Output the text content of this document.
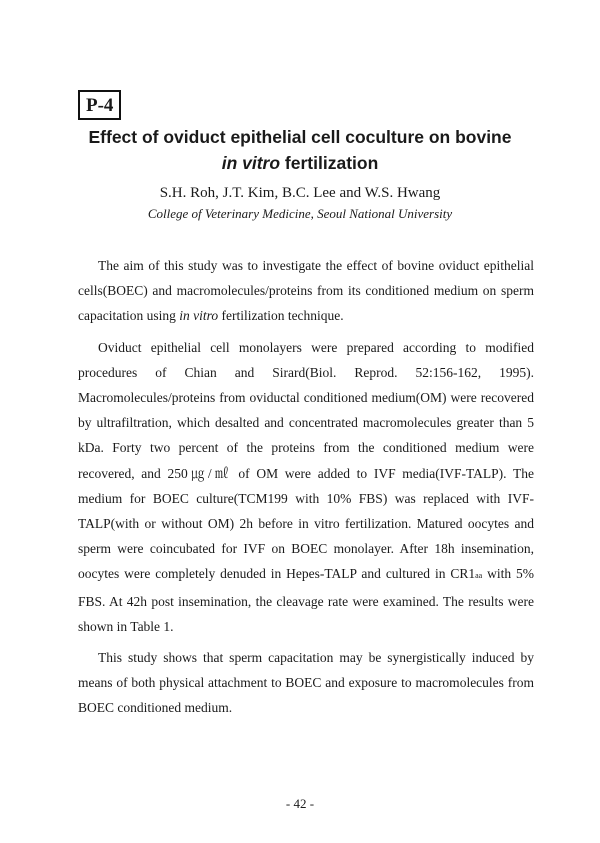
P-4
Effect of oviduct epithelial cell coculture on bovine
in vitro fertilization

S.H. Roh, J.T. Kim, B.C. Lee and W.S. Hwang

College of Veterinary Medicine, Seoul National University

The aim of this study was to investigate the effect of bovine oviduct epithelial cells(BOEC) and macromolecules/proteins from its conditioned medium on sperm capacitation using in vitro fertilization technique.

Oviduct epithelial cell monolayers were prepared according to modified procedures of Chian and Sirard(Biol. Reprod. 52:156-162, 1995). Macromolecules/proteins from oviductal conditioned medium(OM) were recovered by ultrafiltration, which desalted and concentrated macromolecules greater than 5 kDa. Forty two percent of the proteins from the conditioned medium were recovered, and 250㎍/㎖ of OM were added to IVF media(IVF-TALP). The medium for BOEC culture(TCM199 with 10% FBS) was replaced with IVF-TALP(with or without OM) 2h before in vitro fertilization. Matured oocytes and sperm were coincubated for IVF on BOEC monolayer. After 18h insemination, oocytes were completely denuded in Hepes-TALP and cultured in CR1aa with 5% FBS. At 42h post insemination, the cleavage rate were examined. The results were shown in Table 1.

This study shows that sperm capacitation may be synergistically induced by means of both physical attachment to BOEC and exposure to macromolecules from BOEC conditioned medium.

- 42 -
